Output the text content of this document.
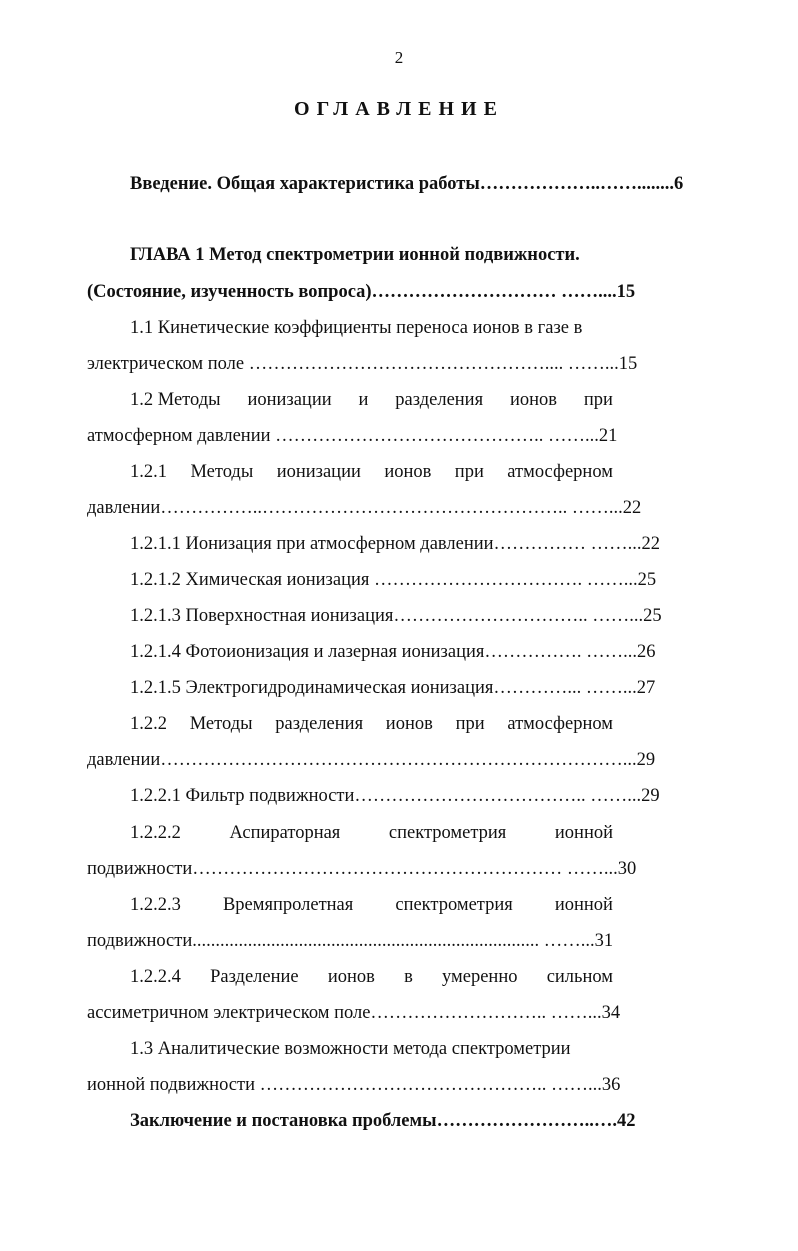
2
ОГЛАВЛЕНИЕ
Введение. Общая характеристика работы………………..……........6
ГЛАВА 1 Метод спектрометрии ионной подвижности.
(Состояние, изученность вопроса)………………………… ……....15
1.1 Кинетические коэффициенты переноса ионов в газе в
электрическом поле ………………………………………….... ……...15
1.2 Методы ионизации и разделения ионов при
атмосферном давлении …………………………………….. ……...21
1.2.1 Методы ионизации ионов при атмосферном
давлении……………..………………………………………….. ……...22
1.2.1.1 Ионизация при атмосферном давлении…………… ……...22
1.2.1.2 Химическая ионизация ……………………………. ……...25
1.2.1.3 Поверхностная ионизация………………………….. ……...25
1.2.1.4 Фотоионизация и лазерная ионизация……………. ……...26
1.2.1.5 Электрогидродинамическая ионизация…………... ……...27
1.2.2 Методы разделения ионов при атмосферном
давлении…………………………………………………………………...29
1.2.2.1 Фильтр подвижности……………………………….. ……...29
1.2.2.2	Аспираторная	спектрометрия	ионной
подвижности…………………………………………………… ……...30
1.2.2.3 Времяпролетная спектрометрия ионной
подвижности........................................................................... ……...31
1.2.2.4 Разделение ионов в умеренно сильном
ассиметричном электрическом поле……………………….. ……...34
1.3 Аналитические возможности метода спектрометрии
ионной подвижности ……………………………………….. ……...36
Заключение и постановка проблемы……………………..….42
